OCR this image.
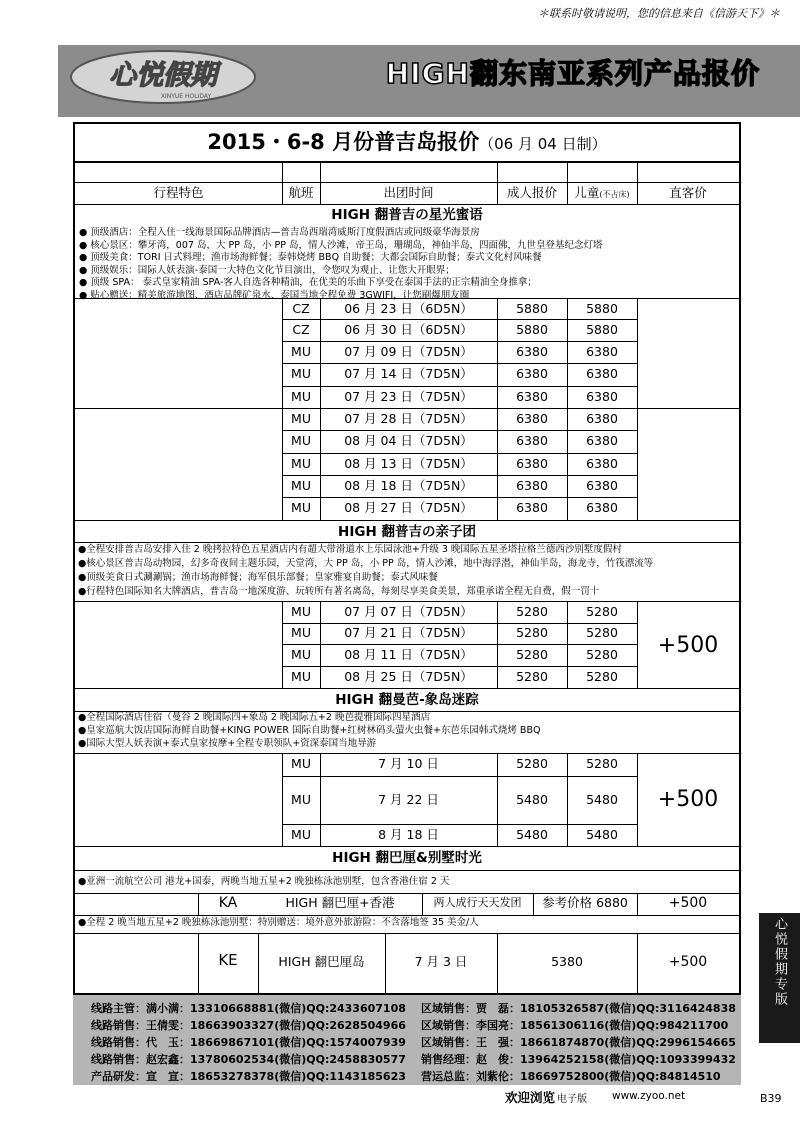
＊联系时敬请说明，您的信息来自《信游天下》＊
心悦假期
XINYUE HOLIDAY
HIGH翻东南亚系列产品报价
2015・6-8 月份普吉岛报价（06 月 04 日制）
行程特色	航班	出团时间	成人报价	儿童(不占床)	直客价
HIGH 翻普吉の星光蜜语
● 顶级酒店：全程入住一线海景国际品牌酒店—普吉岛西瑞湾威斯汀度假酒店或同级豪华海景房
● 核心景区：攀牙湾，007 岛，大 PP 岛，小 PP 岛，情人沙滩，帝王岛，珊瑚岛，神仙半岛，四面佛，九世皇登基纪念灯塔
● 顶级美食：TORI 日式料理；渔市场海鲜餐；泰韩烧烤 BBQ 自助餐；大都会国际自助餐；泰式文化村风味餐
● 顶级娱乐：国际人妖表演-泰国一大特色文化节目演出，令您叹为观止、让您大开眼界；
● 顶级 SPA： 泰式皇家精油 SPA-客人自选各种精油，在优美的乐曲下享受在泰国手法的正宗精油全身推拿；
● 贴心赠送：精美旅游地图、酒店品牌矿泉水、泰国当地全程免费 3GWIFI，让您刷爆朋友圈
CZ	06 月 23 日（6D5N）	5880	5880
CZ	06 月 30 日（6D5N）	5880	5880
MU	07 月 09 日（7D5N）	6380	6380
MU	07 月 14 日（7D5N）	6380	6380
MU	07 月 23 日（7D5N）	6380	6380
MU	07 月 28 日（7D5N）	6380	6380
MU	08 月 04 日（7D5N）	6380	6380
MU	08 月 13 日（7D5N）	6380	6380
MU	08 月 18 日（7D5N）	6380	6380
MU	08 月 27 日（7D5N）	6380	6380
HIGH 翻普吉の亲子团
●全程安排普吉岛安排入住 2 晚拷拉特色五星酒店内有超大带滑道水上乐园泳池+升级 3 晚国际五星圣塔拉格兰德西沙别墅度假村
●核心景区普吉岛动物园，幻多奇夜间主题乐园，天堂湾，大 PP 岛，小 PP 岛，情人沙滩，地中海浮潜，神仙半岛，海龙寺，竹筏漂流等
●顶级美食日式涮涮锅；渔市场海鲜餐；海军俱乐部餐；皇家雅宴自助餐；泰式风味餐
●行程特色国际知名大牌酒店，普吉岛一地深度游、玩转所有著名离岛，每刻尽享美食美景，郑重承诺全程无自费，假一罚十
MU	07 月 07 日（7D5N）	5280	5280
MU	07 月 21 日（7D5N）	5280	5280
MU	08 月 11 日（7D5N）	5280	5280
MU	08 月 25 日（7D5N）	5280	5280
+500
HIGH 翻曼芭-象岛迷踪
●全程国际酒店住宿（曼谷 2 晚国际四+象岛 2 晚国际五+2 晚芭提雅国际四星酒店
●皇家巡航大饭店国际海鲜自助餐+KING POWER 国际自助餐+红树林码头萤火虫餐+东芭乐园韩式烧烤 BBQ
●国际大型人妖表演+泰式皇家按摩+全程专职领队+资深泰国当地导游
MU	7 月 10 日	5280	5280
MU	7 月 22 日	5480	5480
MU	8 月 18 日	5480	5480
+500
HIGH 翻巴厘&别墅时光
●亚洲一流航空公司 港龙+国泰，两晚当地五星+2 晚独栋泳池别墅，包含香港住宿 2 天
KA	HIGH 翻巴厘+香港	两人成行天天发团	参考价格 6880	+500
●全程 2 晚当地五星+2 晚独栋泳池别墅：特别赠送：境外意外旅游险：不含落地签 35 美金/人
KE	HIGH 翻巴厘岛	7 月 3 日	5380	+500
线路主管：满小满：13310668881(微信)QQ:2433607108
线路销售：王倩雯：18663903327(微信)QQ:2628504966
线路销售：代　玉：18669867101(微信)QQ:1574007939
线路销售：赵宏鑫：13780602534(微信)QQ:2458830577
产品研发：宣　宣：18653278378(微信)QQ:1143185623
区域销售：贾　磊：18105326587(微信)QQ:3116424838
区域销售：李国亮：18561306116(微信)QQ:984211700
区域销售：王　强：18661874870(微信)QQ:2996154665
销售经理：赵　俊：13964252158(微信)QQ:1093399432
营运总监：刘紫伦：18669752800(微信)QQ:84814510
心悦假期专版
欢迎浏览 电子版 www.zyoo.net	B39
